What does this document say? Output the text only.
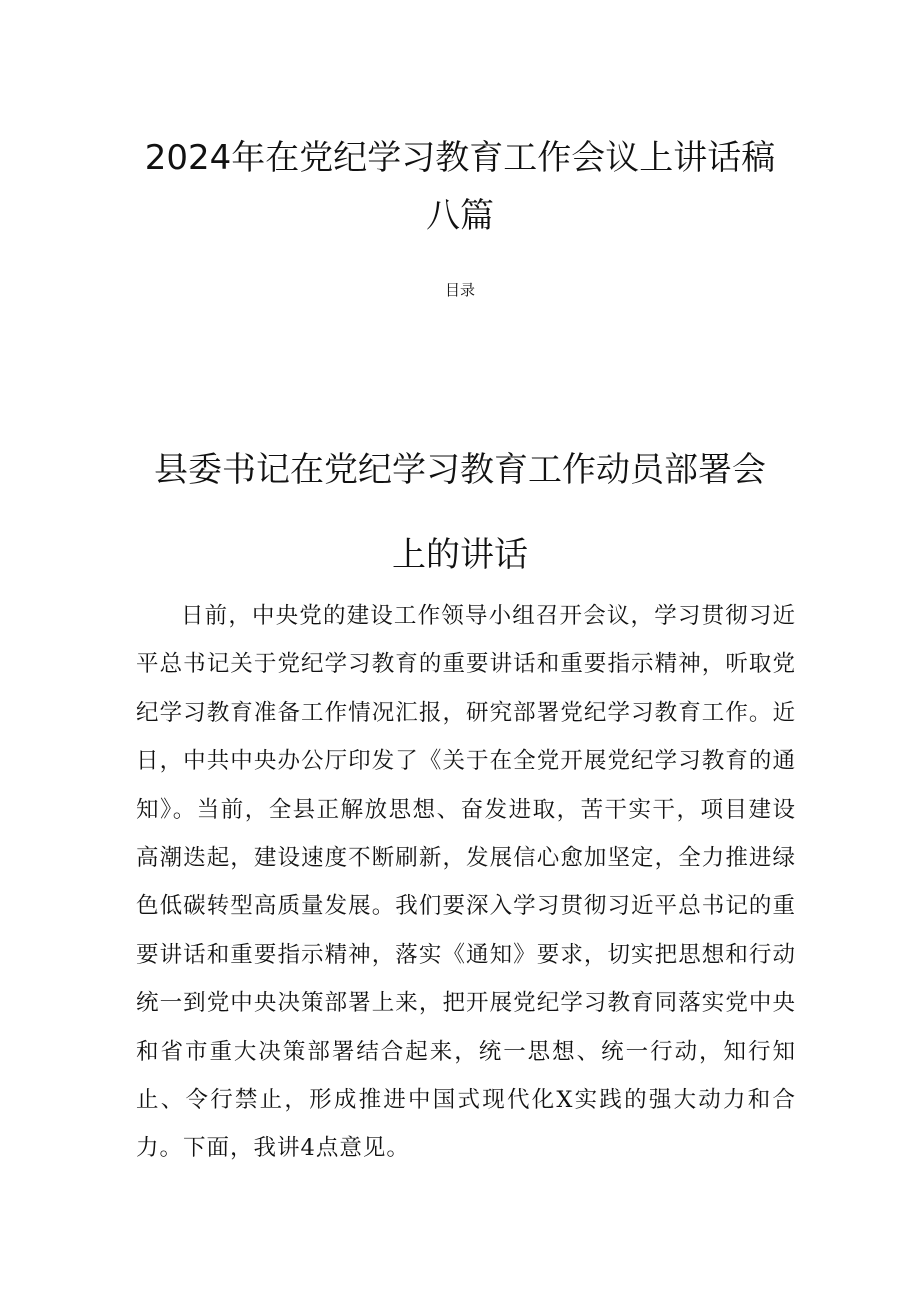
2024年在党纪学习教育工作会议上讲话稿
八篇
目录
县委书记在党纪学习教育工作动员部署会
上的讲话

日前，中央党的建设工作领导小组召开会议，学习贯彻习近平总书记关于党纪学习教育的重要讲话和重要指示精神，听取党纪学习教育准备工作情况汇报，研究部署党纪学习教育工作。近日，中共中央办公厅印发了《关于在全党开展党纪学习教育的通知》。当前，全县正解放思想、奋发进取，苦干实干，项目建设高潮迭起，建设速度不断刷新，发展信心愈加坚定，全力推进绿色低碳转型高质量发展。我们要深入学习贯彻习近平总书记的重要讲话和重要指示精神，落实《通知》要求，切实把思想和行动统一到党中央决策部署上来，把开展党纪学习教育同落实党中央和省市重大决策部署结合起来，统一思想、统一行动，知行知止、令行禁止，形成推进中国式现代化X实践的强大动力和合力。下面，我讲4点意见。
